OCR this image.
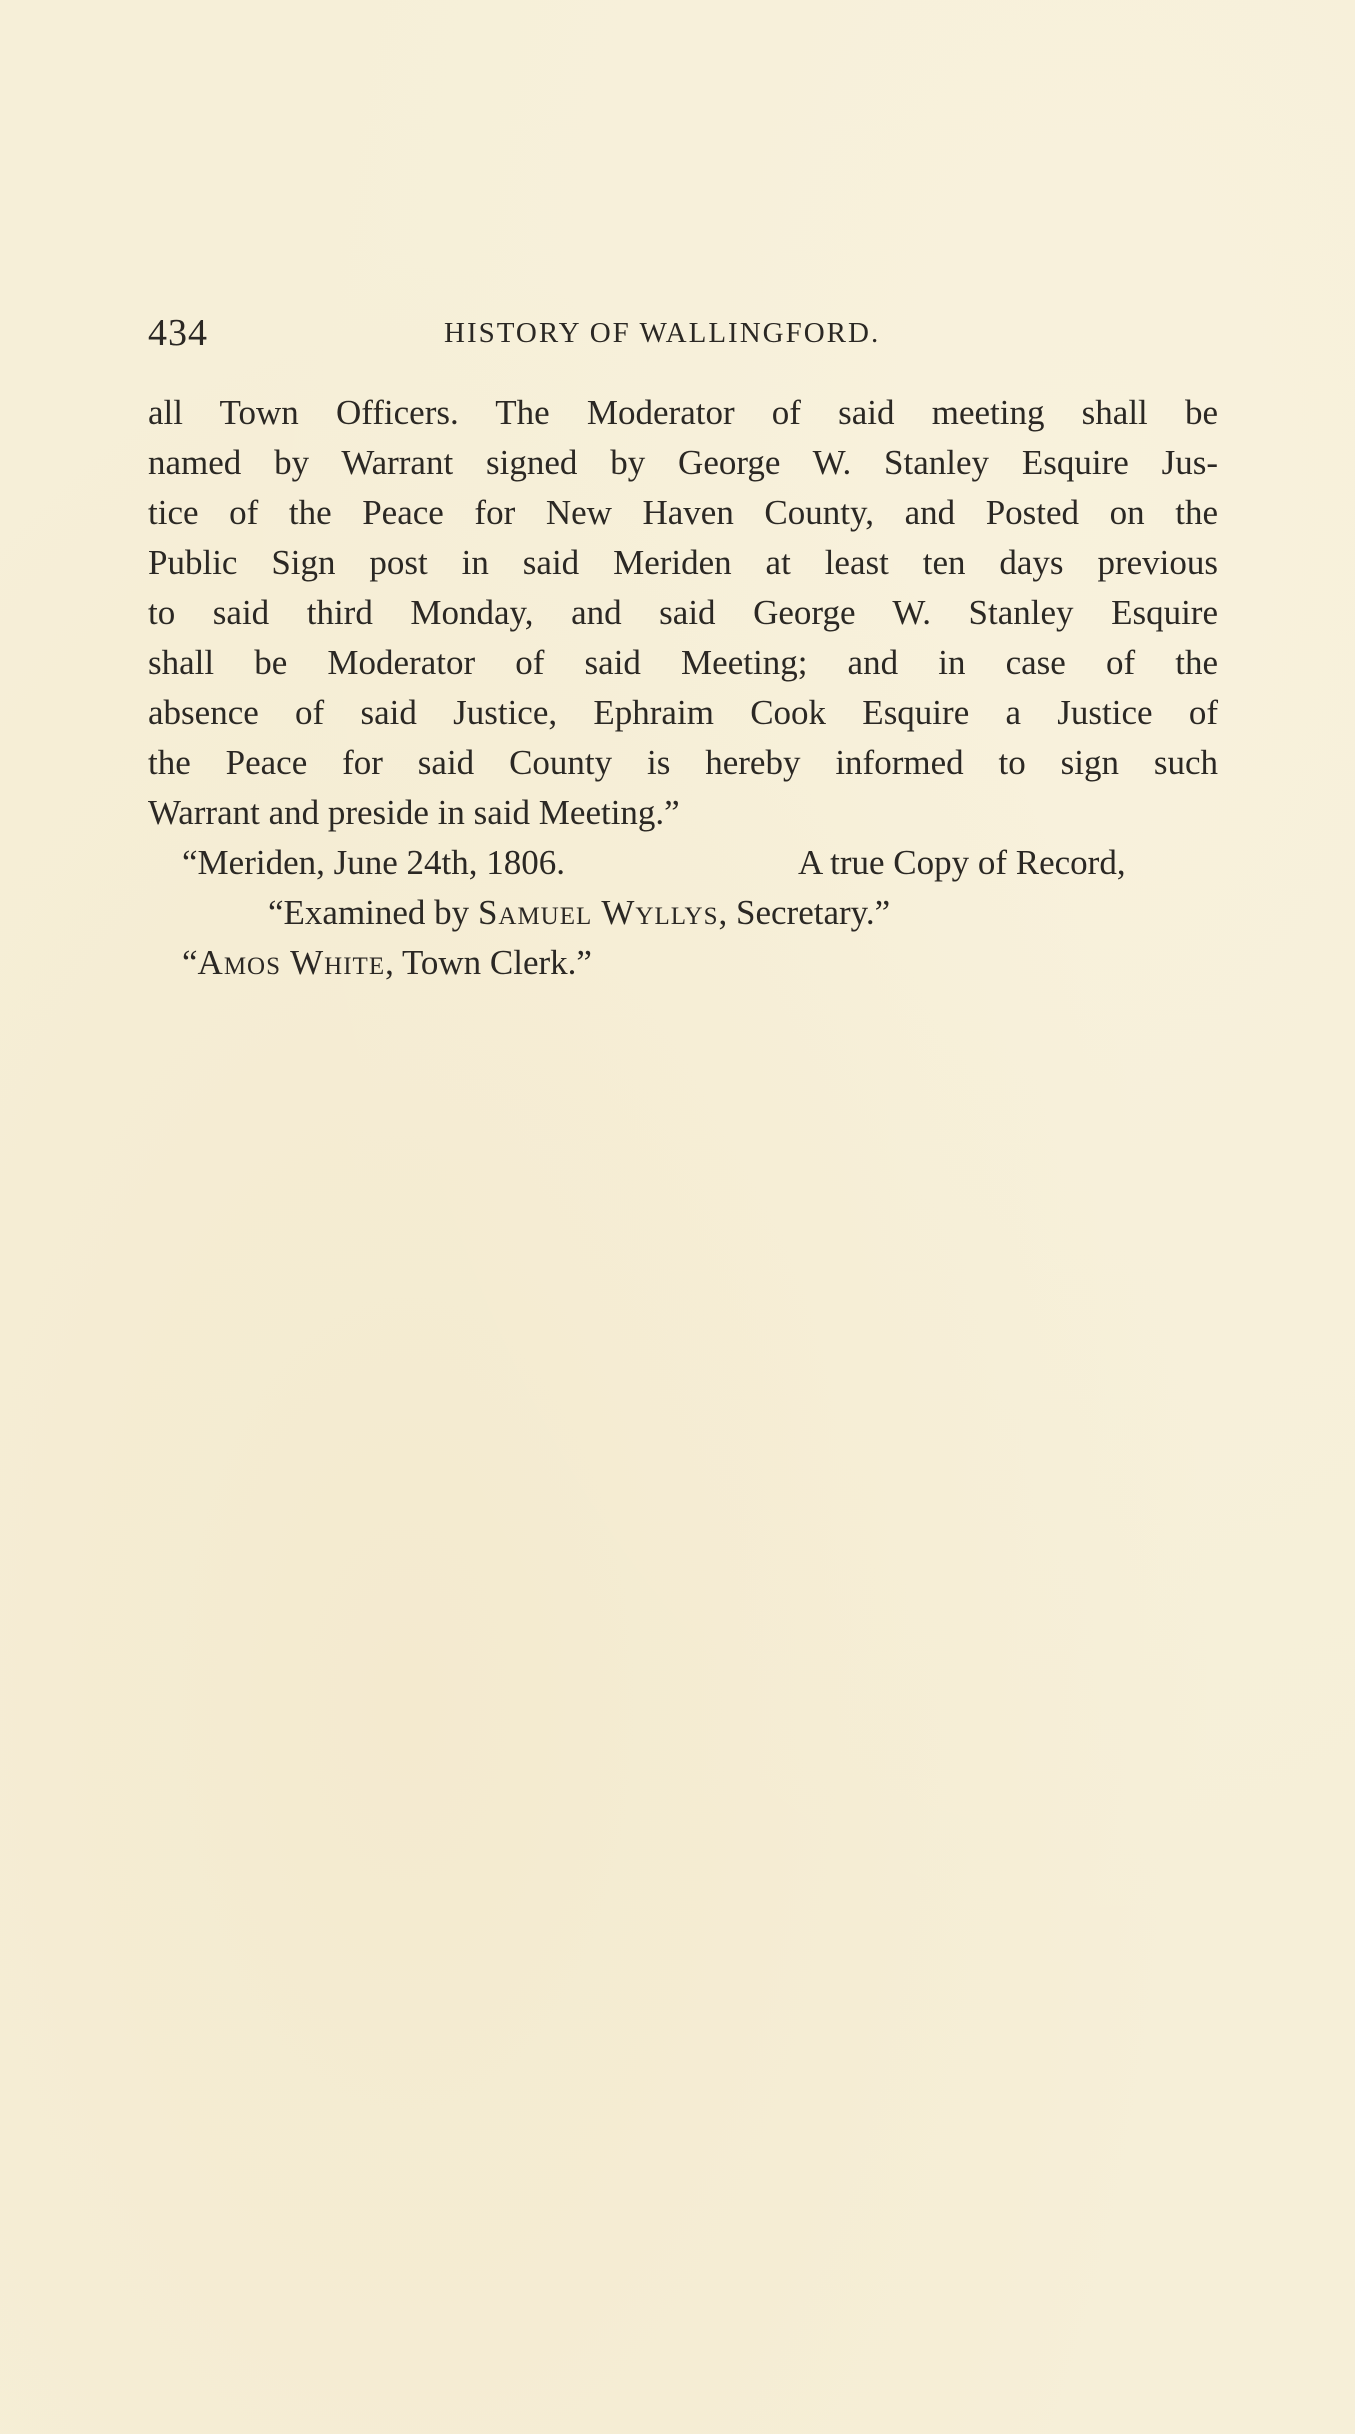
434	HISTORY OF WALLINGFORD.
all Town Officers. The Moderator of said meeting shall be
named by Warrant signed by George W. Stanley Esquire Jus-
tice of the Peace for New Haven County, and Posted on the
Public Sign post in said Meriden at least ten days previous
to said third Monday, and said George W. Stanley Esquire
shall be Moderator of said Meeting; and in case of the
absence of said Justice, Ephraim Cook Esquire a Justice of
the Peace for said County is hereby informed to sign such
Warrant and preside in said Meeting.”
“Meriden, June 24th, 1806.	A true Copy of Record,
“Examined by Samuel Wyllys, Secretary.”
“Amos White, Town Clerk.”
